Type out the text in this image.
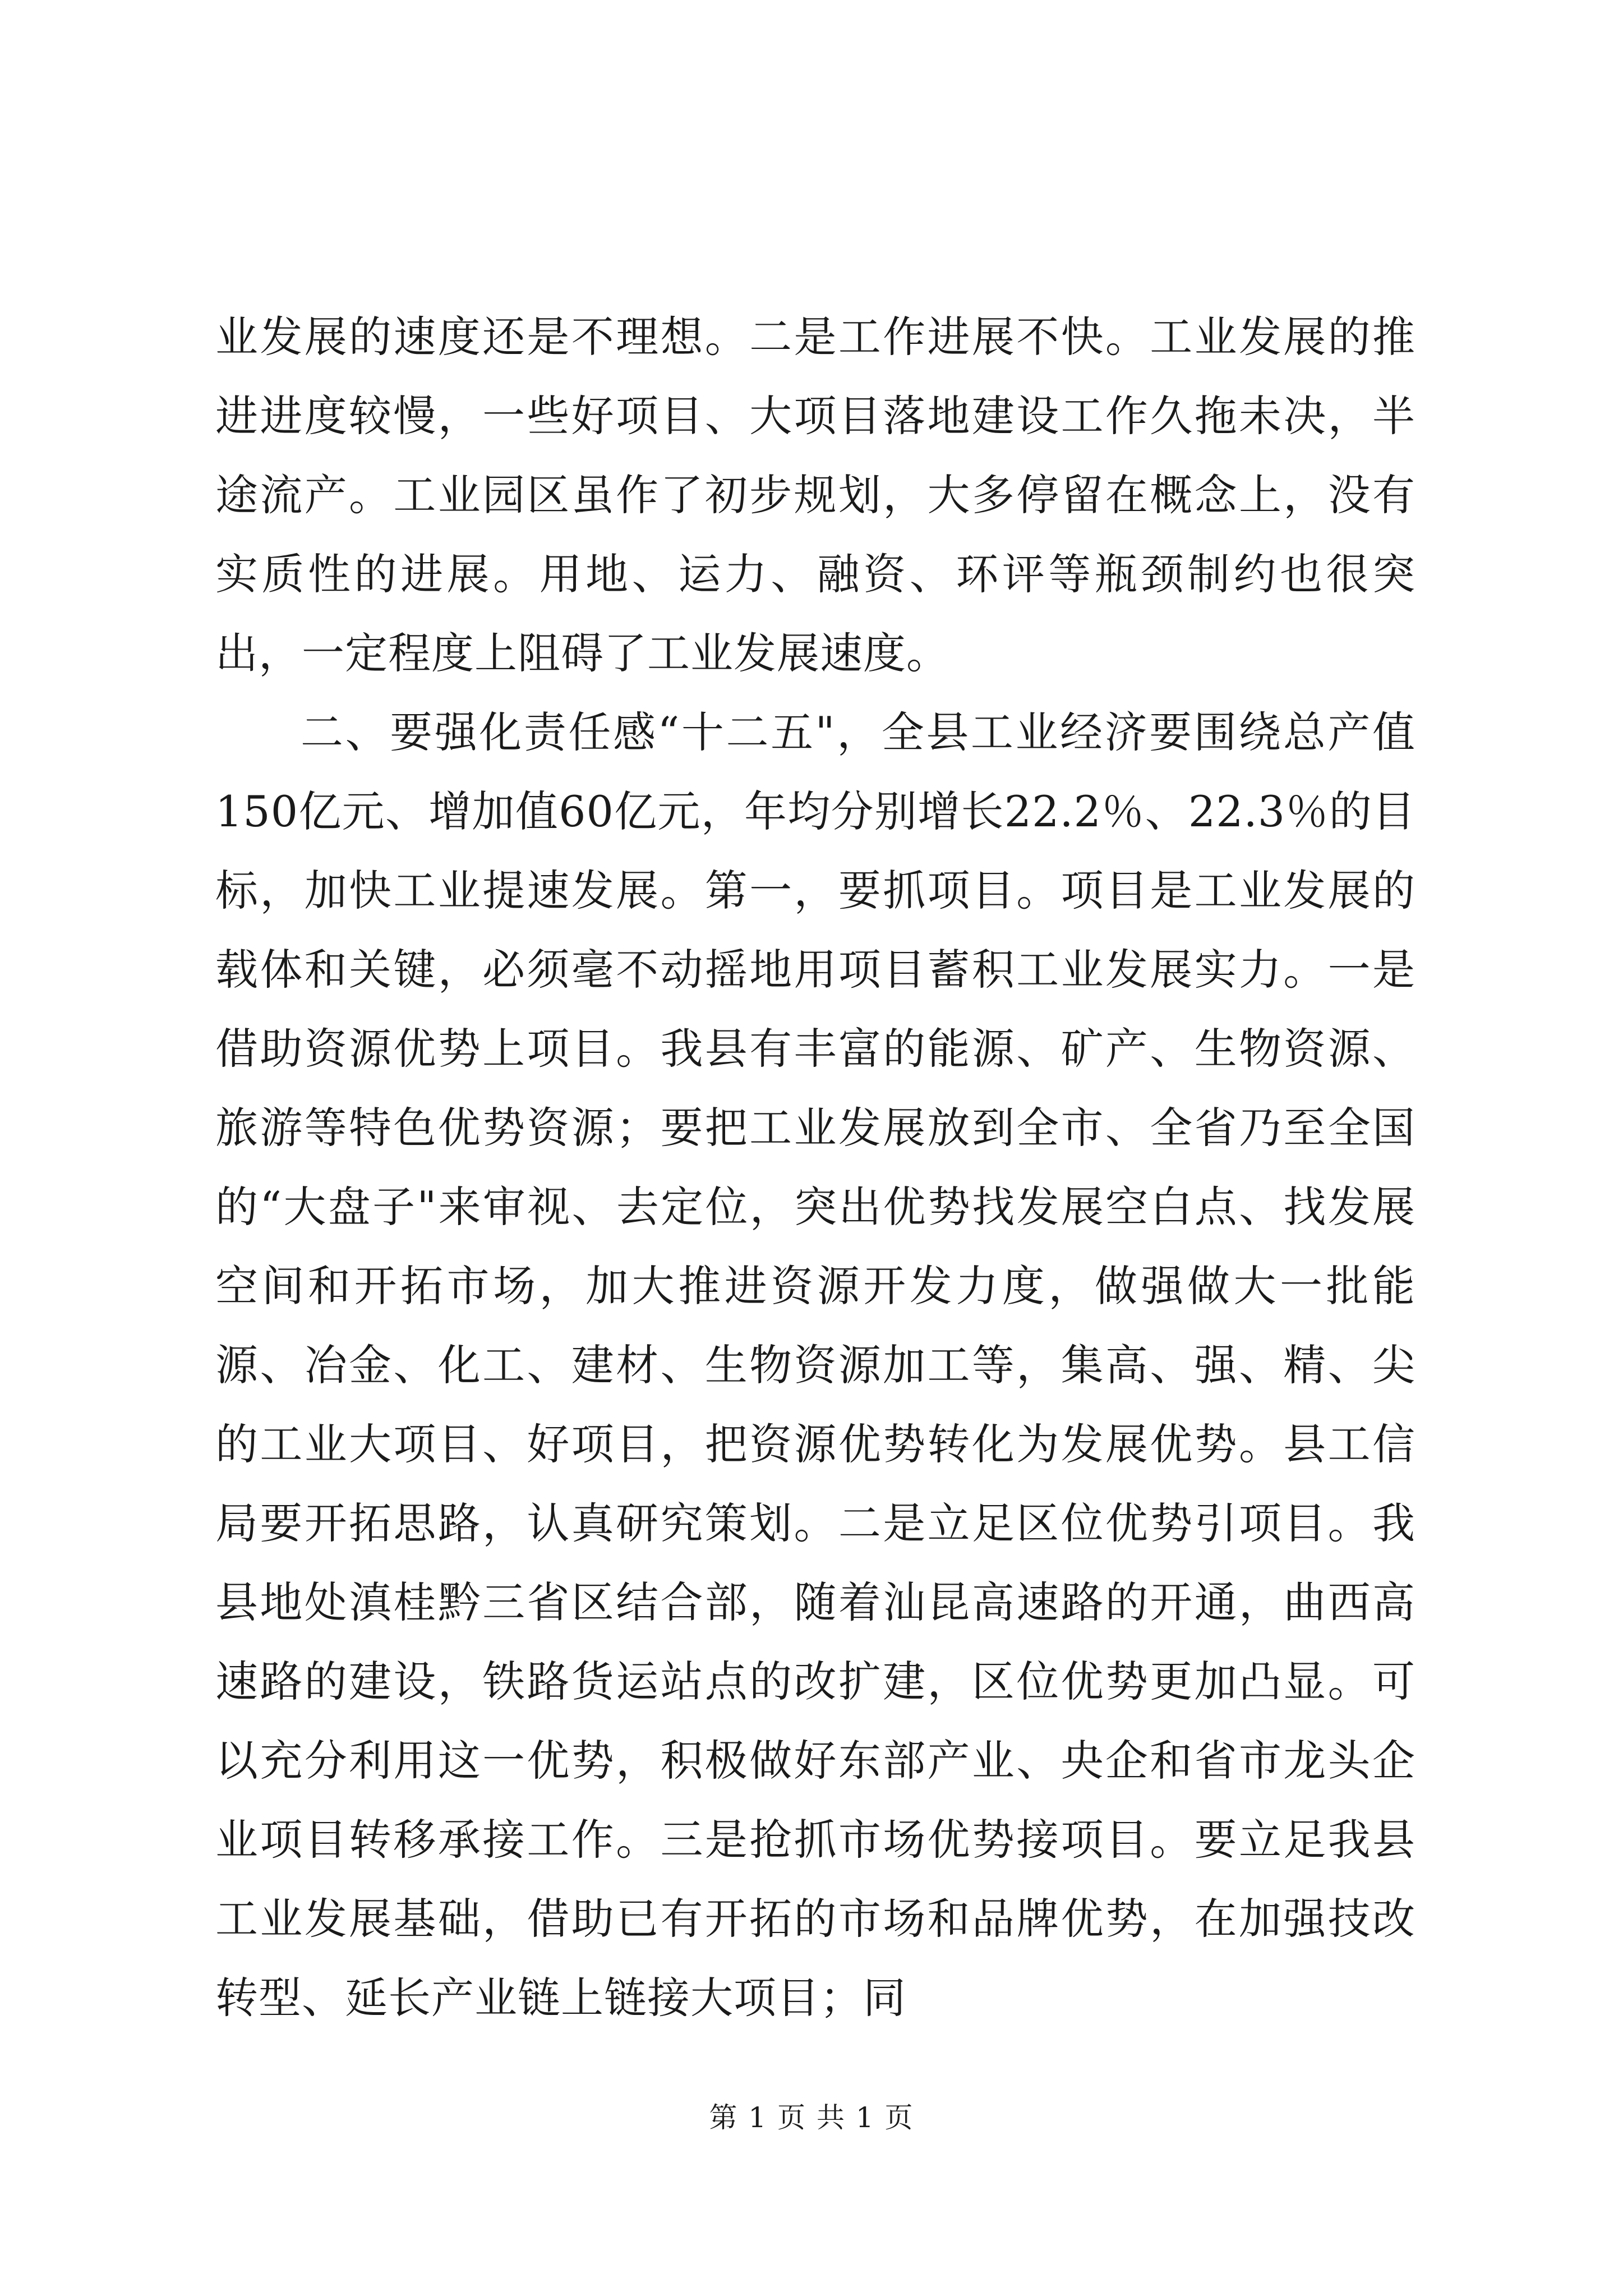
业发展的速度还是不理想。二是工作进展不快。工业发展的推进进度较慢，一些好项目、大项目落地建设工作久拖未决，半途流产。工业园区虽作了初步规划，大多停留在概念上，没有实质性的进展。用地、运力、融资、环评等瓶颈制约也很突出，一定程度上阻碍了工业发展速度。

二、要强化责任感“十二五"，全县工业经济要围绕总产值150亿元、增加值60亿元，年均分别增长22.2％、22.3％的目标，加快工业提速发展。第一，要抓项目。项目是工业发展的载体和关键，必须毫不动摇地用项目蓄积工业发展实力。一是借助资源优势上项目。我县有丰富的能源、矿产、生物资源、旅游等特色优势资源；要把工业发展放到全市、全省乃至全国的“大盘子"来审视、去定位，突出优势找发展空白点、找发展空间和开拓市场，加大推进资源开发力度，做强做大一批能源、冶金、化工、建材、生物资源加工等，集高、强、精、尖的工业大项目、好项目，把资源优势转化为发展优势。县工信局要开拓思路，认真研究策划。二是立足区位优势引项目。我县地处滇桂黔三省区结合部，随着汕昆高速路的开通，曲西高速路的建设，铁路货运站点的改扩建，区位优势更加凸显。可以充分利用这一优势，积极做好东部产业、央企和省市龙头企业项目转移承接工作。三是抢抓市场优势接项目。要立足我县工业发展基础，借助已有开拓的市场和品牌优势，在加强技改转型、延长产业链上链接大项目；同

第 1 页 共 1 页
